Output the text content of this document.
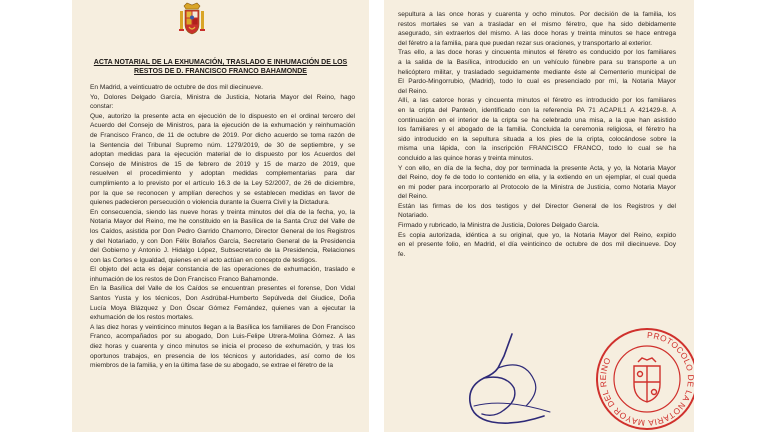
ACTA NOTARIAL DE LA EXHUMACIÓN, TRASLADO E INHUMACIÓN DE LOS
RESTOS DE D. FRANCISCO FRANCO BAHAMONDE
En Madrid, a veinticuatro de octubre de dos mil diecinueve.
Yo, Dolores Delgado García, Ministra de Justicia, Notaria Mayor del Reino, hago
constar:
Que, autorizo la presente acta en ejecución de lo dispuesto en el ordinal tercero del
Acuerdo del Consejo de Ministros, para la ejecución de la exhumación y reinhumación
de Francisco Franco, de 11 de octubre de 2019. Por dicho acuerdo se toma razón de
la Sentencia del Tribunal Supremo núm. 1279/2019, de 30 de septiembre, y se
adoptan medidas para la ejecución material de lo dispuesto por los Acuerdos del
Consejo de Ministros de 15 de febrero de 2019 y 15 de marzo de 2019, que
resuelven el procedimiento y adoptan medidas complementarias para dar
cumplimiento a lo previsto por el artículo 16.3 de la Ley 52/2007, de 26 de diciembre,
por la que se reconocen y amplían derechos y se establecen medidas en favor de
quienes padecieron persecución o violencia durante la Guerra Civil y la Dictadura.
En consecuencia, siendo las nueve horas y treinta minutos del día de la fecha, yo, la
Notaria Mayor del Reino, me he constituido en la Basílica de la Santa Cruz del Valle de
los Caídos, asistida por Don Pedro Garrido Chamorro, Director General de los Registros
y del Notariado, y con Don Félix Bolaños García, Secretario General de la Presidencia
del Gobierno y Antonio J. Hidalgo López, Subsecretario de la Presidencia, Relaciones
con las Cortes e Igualdad, quienes en el acto actúan en concepto de testigos.
El objeto del acta es dejar constancia de las operaciones de exhumación, traslado e
inhumación de los restos de Don Francisco Franco Bahamonde.
En la Basílica del Valle de los Caídos se encuentran presentes el forense, Don Vidal
Santos Yusta y los técnicos, Don Asdrúbal-Humberto Sepúlveda del Giudice, Doña
Lucía Moya Blázquez y Don Óscar Gómez Fernández, quienes van a ejecutar la
exhumación de los restos mortales.
A las diez horas y veinticinco minutos llegan a la Basílica los familiares de Don Francisco
Franco, acompañados por su abogado, Don Luis-Felipe Utrera-Molina Gómez. A las
diez horas y cuarenta y cinco minutos se inicia el proceso de exhumación, y tras los
oportunos trabajos, en presencia de los técnicos y autoridades, así como de los
miembros de la familia, y en la última fase de su abogado, se extrae el féretro de la
sepultura a las once horas y cuarenta y ocho minutos. Por decisión de la familia, los
restos mortales se van a trasladar en el mismo féretro, que ha sido debidamente
asegurado, sin extraerlos del mismo. A las doce horas y treinta minutos se hace entrega
del féretro a la familia, para que puedan rezar sus oraciones, y transportarlo al exterior.
Tras ello, a las doce horas y cincuenta minutos el féretro es conducido por los familiares
a la salida de la Basílica, introducido en un vehículo fúnebre para su transporte a un
helicóptero militar, y trasladado seguidamente mediante éste al Cementerio municipal de
El Pardo-Mingorrubio, (Madrid), todo lo cual es presenciado por mí, la Notaria Mayor
del Reino.
Allí, a las catorce horas y cincuenta minutos el féretro es introducido por los familiares
en la cripta del Panteón, identificado con la referencia PA 71 ACAPIL1 A 421429-8. A
continuación en el interior de la cripta se ha celebrado una misa, a la que han asistido
los familiares y el abogado de la familia. Concluida la ceremonia religiosa, el féretro ha
sido introducido en la sepultura situada a los pies de la cripta, colocándose sobre la
misma una lápida, con la inscripción FRANCISCO FRANCO, todo lo cual se ha
concluido a las quince horas y treinta minutos.
Y con ello, en día de la fecha, doy por terminada la presente Acta, y yo, la Notaria Mayor
del Reino, doy fe de todo lo contenido en ella, y la extiendo en un ejemplar, el cual queda
en mi poder para incorporarlo al Protocolo de la Ministra de Justicia, como Notaria Mayor
del Reino.
Están las firmas de los dos testigos y del Director General de los Registros y del
Notariado.
Firmado y rubricado, la Ministra de Justicia, Dolores Delgado García.
Es copia autorizada, idéntica a su original, que yo, la Notaria Mayor del Reino, expido
en el presente folio, en Madrid, el día veinticinco de octubre de dos mil diecinueve. Doy
fe.
PROTOCOLO DE LA NOTARIA MAYOR DEL REINO
